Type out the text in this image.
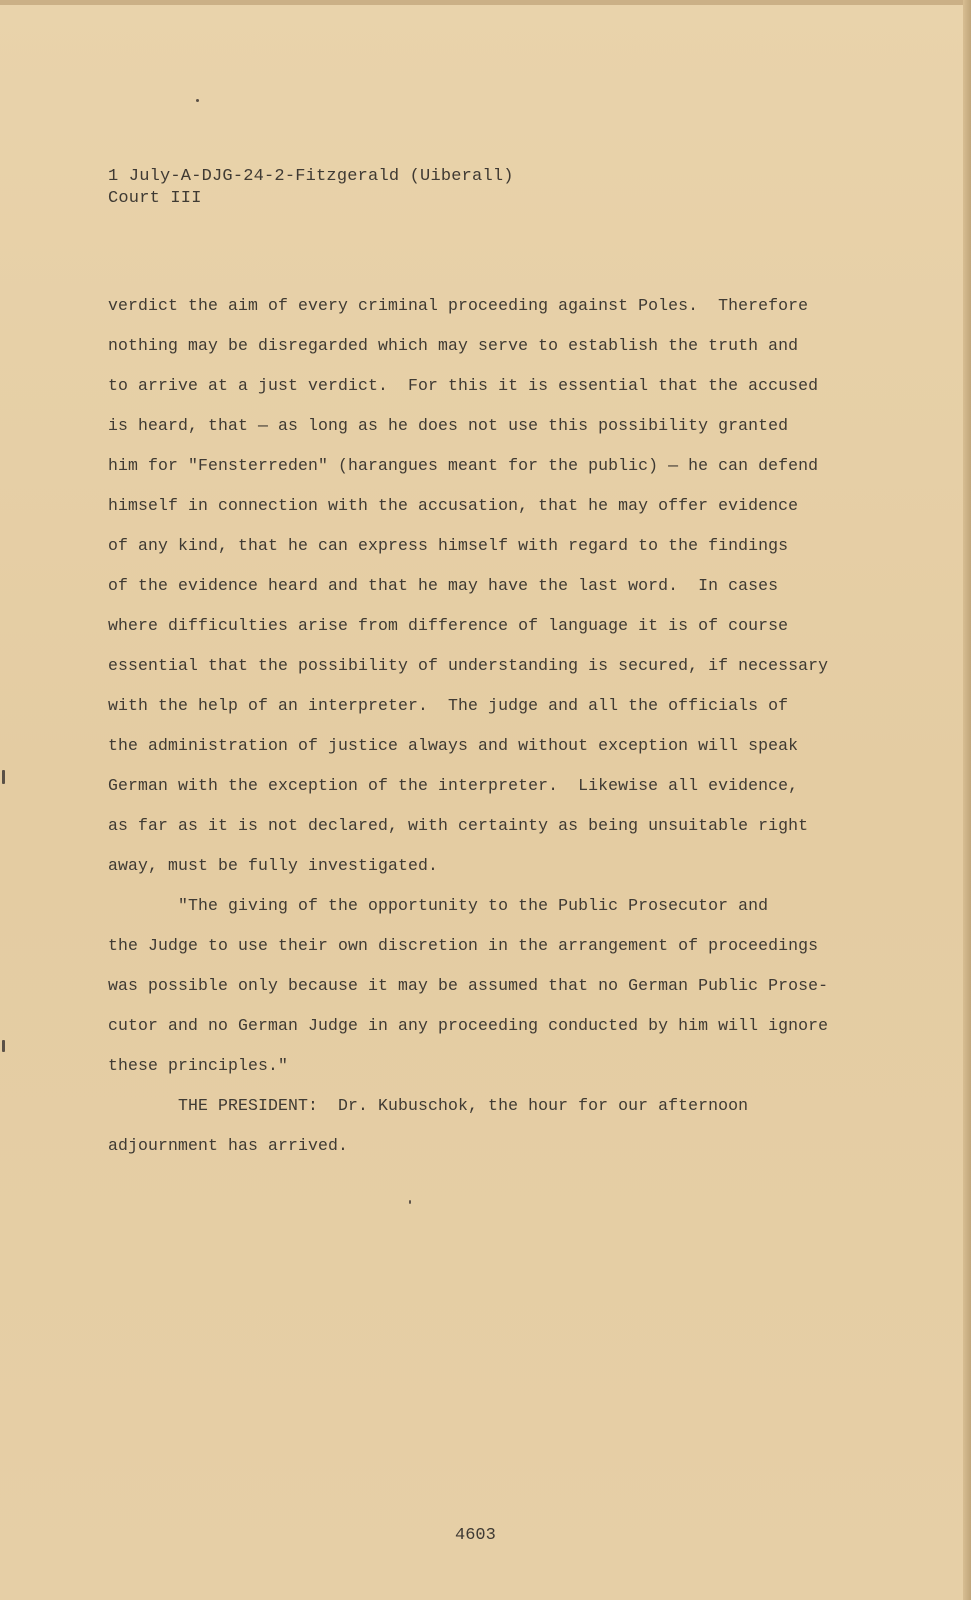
1 July-A-DJG-24-2-Fitzgerald (Uiberall)
Court III
verdict the aim of every criminal proceeding against Poles.  Therefore
nothing may be disregarded which may serve to establish the truth and
to arrive at a just verdict.  For this it is essential that the accused
is heard, that — as long as he does not use this possibility granted
him for "Fensterreden" (harangues meant for the public) — he can defend
himself in connection with the accusation, that he may offer evidence
of any kind, that he can express himself with regard to the findings
of the evidence heard and that he may have the last word.  In cases
where difficulties arise from difference of language it is of course
essential that the possibility of understanding is secured, if necessary
with the help of an interpreter.  The judge and all the officials of
the administration of justice always and without exception will speak
German with the exception of the interpreter.  Likewise all evidence,
as far as it is not declared, with certainty as being unsuitable right
away, must be fully investigated.
"The giving of the opportunity to the Public Prosecutor and
the Judge to use their own discretion in the arrangement of proceedings
was possible only because it may be assumed that no German Public Prose-
cutor and no German Judge in any proceeding conducted by him will ignore
these principles."
THE PRESIDENT:  Dr. Kubuschok, the hour for our afternoon
adjournment has arrived.
4603
